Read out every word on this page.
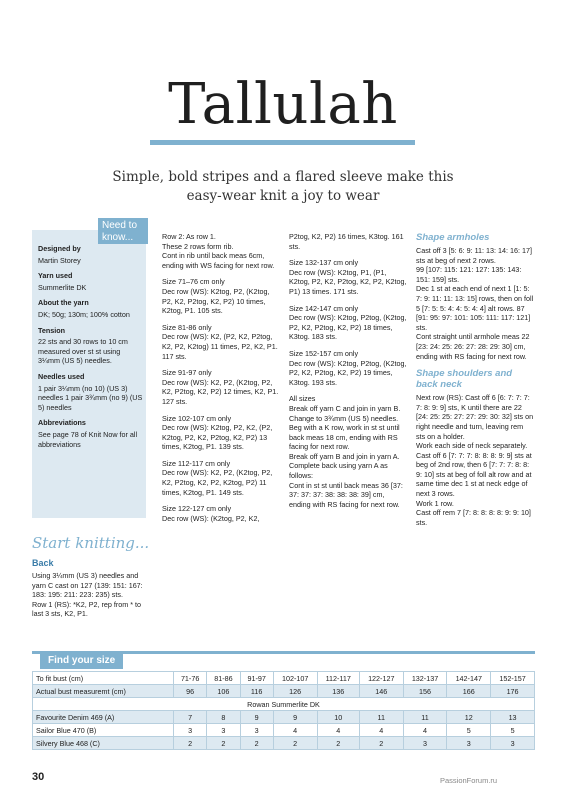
Tallulah
Simple, bold stripes and a flared sleeve make this easy-wear knit a joy to wear
Need to know...
Designed by
Martin Storey
Yarn used
Summerlite DK
About the yarn
DK; 50g; 130m; 100% cotton
Tension
22 sts and 30 rows to 10 cm measured over st st using 3¼mm (US 5) needles.
Needles used
1 pair 3¼mm (no 10) (US 3) needles 1 pair 3¾mm (no 9) (US 5) needles
Abbreviations
See page 78 of Knit Now for all abbreviations
Start knitting...
Back
Using 3¼mm (US 3) needles and yarn C cast on 127 (139: 151: 167: 183: 195: 211: 223: 235) sts.
Row 1 (RS): *K2, P2, rep from * to last 3 sts, K2, P1.

Row 2: As row 1.
These 2 rows form rib.
Cont in rib until back meas 6cm, ending with WS facing for next row.

Size 71–76 cm only
Dec row (WS): K2tog, P2, (K2tog, P2, K2, P2tog, K2, P2) 10 times, K2tog, P1. 105 sts.

Size 81-86 only
Dec row (WS): K2, (P2, K2, P2tog, K2, P2, K2tog) 11 times, P2, K2, P1. 117 sts.

Size 91-97 only
Dec row (WS): K2, P2, (K2tog, P2, K2, P2tog, K2, P2) 12 times, K2, P1. 127 sts.

Size 102-107 cm only
Dec row (WS): K2tog, P2, K2, (P2, K2tog, P2, K2, P2tog, K2, P2) 13 times, K2tog, P1. 139 sts.

Size 112-117 cm only
Dec row (WS): K2, P2, (K2tog, P2, K2, P2tog, K2, P2, K2tog, P2) 11 times, K2tog, P1. 149 sts.

Size 122-127 cm only
Dec row (WS): (K2tog, P2, K2,

P2tog, K2, P2) 16 times, K3tog. 161 sts.

Size 132-137 cm only
Dec row (WS): K2tog, P1, (P1, K2tog, P2, K2, P2tog, K2, P2, K2tog, P1) 13 times. 171 sts.

Size 142-147 cm only
Dec row (WS): K2tog, P2tog, (K2tog, P2, K2, P2tog, K2, P2) 18 times, K3tog. 183 sts.

Size 152-157 cm only
Dec row (WS): K2tog, P2tog, (K2tog, P2, K2, P2tog, K2, P2) 19 times, K3tog. 193 sts.

All sizes
Break off yarn C and join in yarn B.
Change to 3¾mm (US 5) needles.
Beg with a K row, work in st st until back meas 18 cm, ending with RS facing for next row.
Break off yarn B and join in yarn A.
Complete back using yarn A as follows:
Cont in st st until back meas 36 [37: 37: 37: 37: 38: 38: 38: 39] cm, ending with RS facing for next row.

Shape armholes

Cast off 3 [5: 6: 9: 11: 13: 14: 16: 17] sts at beg of next 2 rows.
99 [107: 115: 121: 127: 135: 143: 151: 159] sts.
Dec 1 st at each end of next 1 [1: 5: 7: 9: 11: 11: 13: 15] rows, then on foll 5 [7: 5: 5: 4: 4: 5: 4: 4] alt rows. 87 [91: 95: 97: 101: 105: 111: 117: 121] sts.
Cont straight until armhole meas 22 [23: 24: 25: 26: 27: 28: 29: 30] cm, ending with RS facing for next row.

Shape shoulders and back neck

Next row (RS): Cast off 6 [6: 7: 7: 7: 7: 8: 9: 9] sts, K until there are 22 [24: 25: 25: 27: 27: 29: 30: 32] sts on right needle and turn, leaving rem sts on a holder.
Work each side of neck separately.
Cast off 6 [7: 7: 7: 8: 8: 8: 9: 9] sts at beg of 2nd row, then 6 [7: 7: 7: 8: 8: 9: 10] sts at beg of foll alt row and at same time dec 1 st at neck edge of next 3 rows.
Work 1 row.
Cast off rem 7 [7: 8: 8: 8: 8: 9: 9: 10] sts.

Find your size
To fit bust (cm)	71-76	81-86	91-97	102-107	112-117	122-127	132-137	142-147	152-157
Actual bust measuremt (cm)	96	106	116	126	136	146	156	166	176
Rowan Summerlite DK									
Favourite Denim 469 (A)	7	8	9	9	10	11	11	12	13
Sailor Blue 470 (B)	3	3	3	4	4	4	4	5	5
Silvery Blue 468 (C)	2	2	2	2	2	2	3	3	3
30	PassionForum.ru
